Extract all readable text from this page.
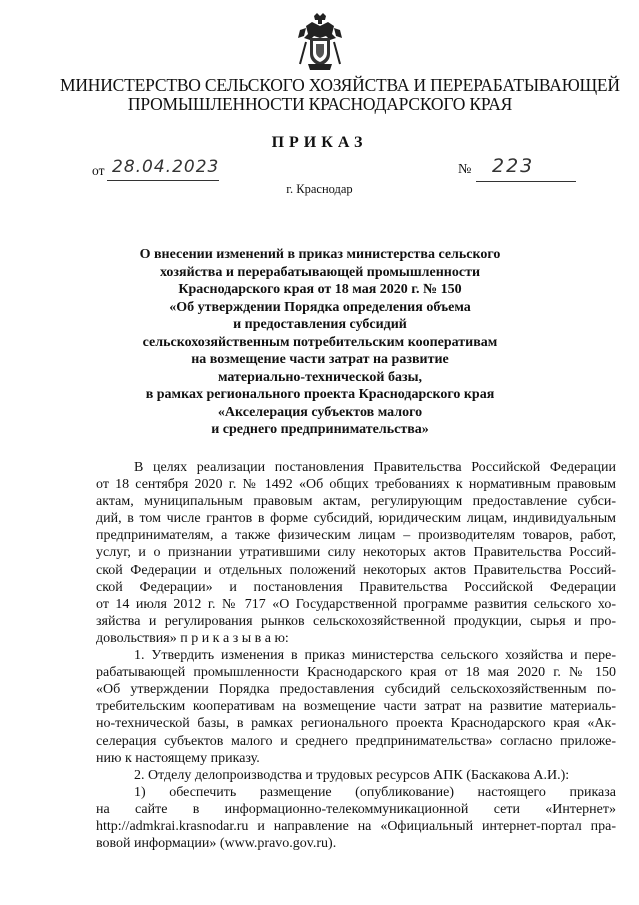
МИНИСТЕРСТВО СЕЛЬСКОГО ХОЗЯЙСТВА И ПЕРЕРАБАТЫВАЮЩЕЙ
ПРОМЫШЛЕННОСТИ КРАСНОДАРСКОГО КРАЯ
ПРИКАЗ
от 28.04.2023
г. Краснодар
№ 223
О внесении изменений в приказ министерства сельского
хозяйства и перерабатывающей промышленности
Краснодарского края от 18 мая 2020 г. № 150
«Об утверждении Порядка определения объема
и предоставления субсидий
сельскохозяйственным потребительским кооперативам
на возмещение части затрат на развитие
материально-технической базы,
в рамках регионального проекта Краснодарского края
«Акселерация субъектов малого
и среднего предпринимательства»
В целях реализации постановления Правительства Российской Федерации
от 18 сентября 2020 г. № 1492 «Об общих требованиях к нормативным правовым
актам, муниципальным правовым актам, регулирующим предоставление субси-
дий, в том числе грантов в форме субсидий, юридическим лицам, индивидуальным
предпринимателям, а также физическим лицам – производителям товаров, работ,
услуг, и о признании утратившими силу некоторых актов Правительства Россий-
ской Федерации и отдельных положений некоторых актов Правительства Россий-
ской Федерации» и постановления Правительства Российской Федерации
от 14 июля 2012 г. № 717 «О Государственной программе развития сельского хо-
зяйства и регулирования рынков сельскохозяйственной продукции, сырья и про-
довольствия» п р и к а з ы в а ю:
1. Утвердить изменения в приказ министерства сельского хозяйства и пере-
рабатывающей промышленности Краснодарского края от 18 мая 2020 г. № 150
«Об утверждении Порядка предоставления субсидий сельскохозяйственным по-
требительским кооперативам на возмещение части затрат на развитие материаль-
но-технической базы, в рамках регионального проекта Краснодарского края «Ак-
селерация субъектов малого и среднего предпринимательства» согласно приложе-
нию к настоящему приказу.
2. Отделу делопроизводства и трудовых ресурсов АПК (Баскакова А.И.):
1) обеспечить размещение (опубликование) настоящего приказа
на сайте в информационно-телекоммуникационной сети «Интернет»
http://admkrai.krasnodar.ru и направление на «Официальный интернет-портал пра-
вовой информации» (www.pravo.gov.ru).
